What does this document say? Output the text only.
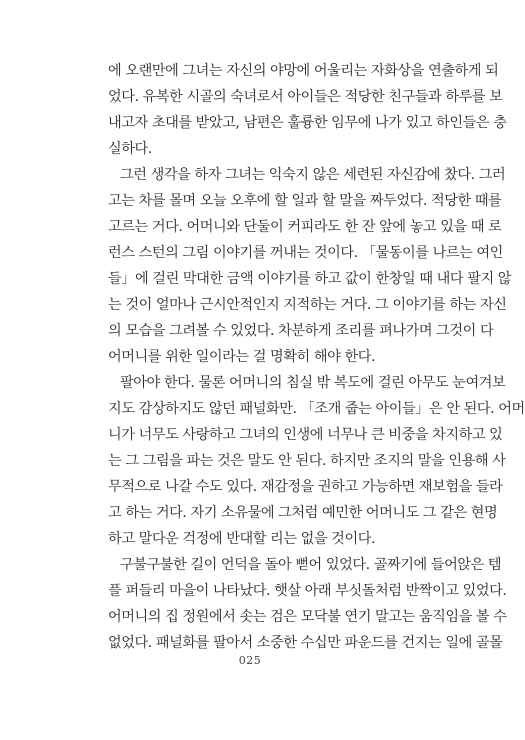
에 오랜만에 그녀는 자신의 야망에 어울리는 자화상을 연출하게 되
었다. 유복한 시골의 숙녀로서 아이들은 적당한 친구들과 하루를 보
내고자 초대를 받았고, 남편은 훌륭한 임무에 나가 있고 하인들은 충
실하다.
그런 생각을 하자 그녀는 익숙지 않은 세련된 자신감에 찼다. 그러
고는 차를 몰며 오늘 오후에 할 일과 할 말을 짜두었다. 적당한 때를
고르는 거다. 어머니와 단둘이 커피라도 한 잔 앞에 놓고 있을 때 로
런스 스턴의 그림 이야기를 꺼내는 것이다. 「물동이를 나르는 여인
들」에 걸린 막대한 금액 이야기를 하고 값이 한창일 때 내다 팔지 않
는 것이 얼마나 근시안적인지 지적하는 거다. 그 이야기를 하는 자신
의 모습을 그려볼 수 있었다. 차분하게 조리를 펴나가며 그것이 다
어머니를 위한 일이라는 걸 명확히 해야 한다.
팔아야 한다. 물론 어머니의 침실 밖 복도에 걸린 아무도 눈여겨보
지도 감상하지도 않던 패널화만. 「조개 줍는 아이들」은 안 된다. 어머
니가 너무도 사랑하고 그녀의 인생에 너무나 큰 비중을 차지하고 있
는 그 그림을 파는 것은 말도 안 된다. 하지만 조지의 말을 인용해 사
무적으로 나갈 수도 있다. 재감정을 권하고 가능하면 재보험을 들라
고 하는 거다. 자기 소유물에 그처럼 예민한 어머니도 그 같은 현명
하고 말다운 걱정에 반대할 리는 없을 것이다.
구불구불한 길이 언덕을 돌아 뻗어 있었다. 골짜기에 들어앉은 템
플 퍼들리 마을이 나타났다. 햇살 아래 부싯돌처럼 반짝이고 있었다.
어머니의 집 정원에서 솟는 검은 모닥불 연기 말고는 움직임을 볼 수
없었다. 패널화를 팔아서 소중한 수십만 파운드를 건지는 일에 골몰
025
